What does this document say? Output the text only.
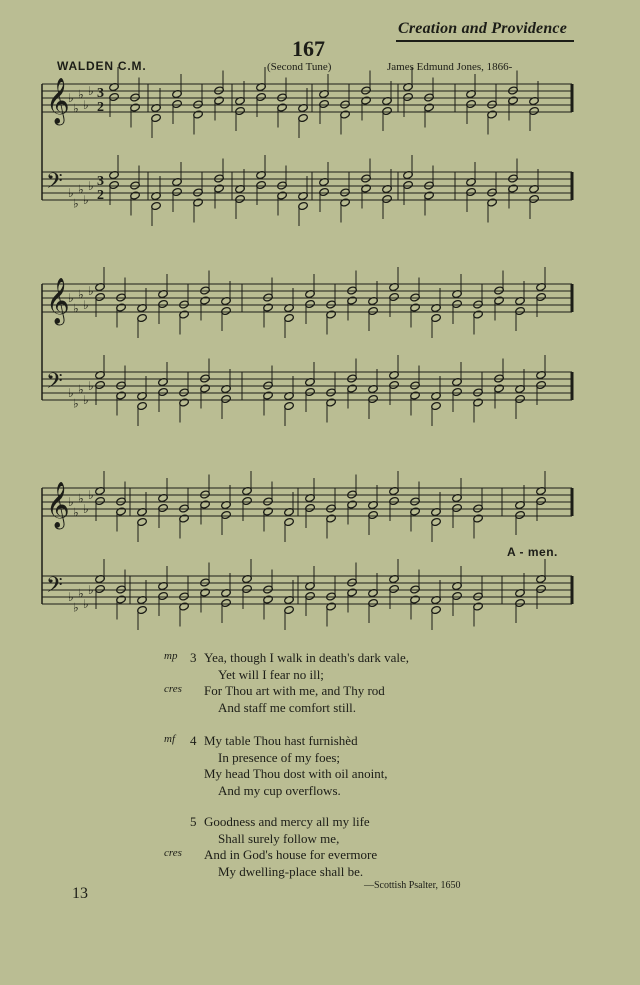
Creation and Providence
167
WALDEN C.M.	(Second Tune)	James Edmund Jones, 1866-
𝄞
♭
♭
♭
♭
♭ 3
2
𝄢 ♭
♭
♭
♭
♭ 3
2
𝄞
♭
♭
♭
♭
♭
𝄢 ♭
♭
♭
♭
♭
𝄞
♭
♭
♭
♭
♭
𝄢 ♭
♭
♭
♭
♭
A - men.
mp 3 Yea, though I walk in death's dark vale,
Yet will I fear no ill;
cres	For Thou art with me, and Thy rod
And staff me comfort still.
mf	4 My table Thou hast furnishèd
In presence of my foes;
My head Thou dost with oil anoint,
And my cup overflows.
5 Goodness and mercy all my life
Shall surely follow me,
cres	And in God's house for evermore
My dwelling-place shall be.
—Scottish Psalter, 1650
13
